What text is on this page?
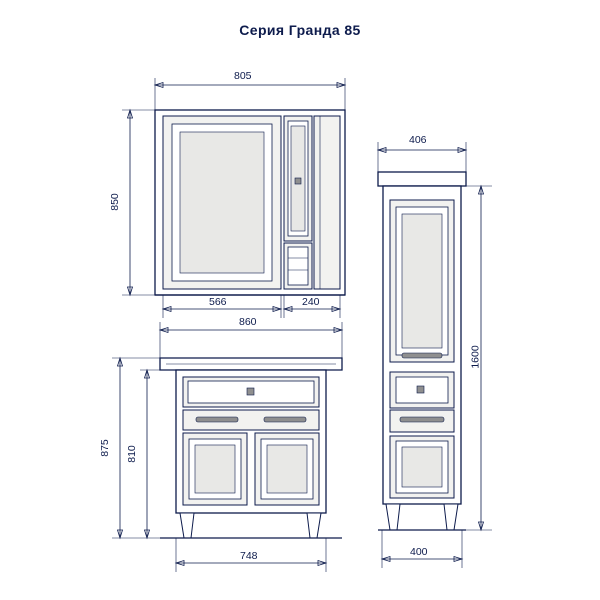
Серия Гранда 85
805
850
566	240
406
1600
400
860
875 810
748
